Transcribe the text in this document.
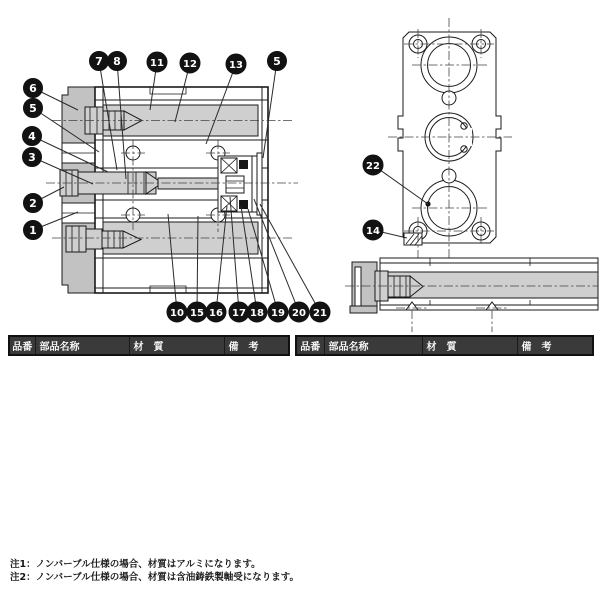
7 8	11 12	13	5
6
5
4
3
2
1
10 15 16 17 18 19 20 21
22
14
品番	部品名称	材　質	備　考	品番	部品名称	材　質	備　考
注1：ノンバーブル仕様の場合、材質はアルミになります。
注2：ノンバーブル仕様の場合、材質は含油鋳鉄製軸受になります。
